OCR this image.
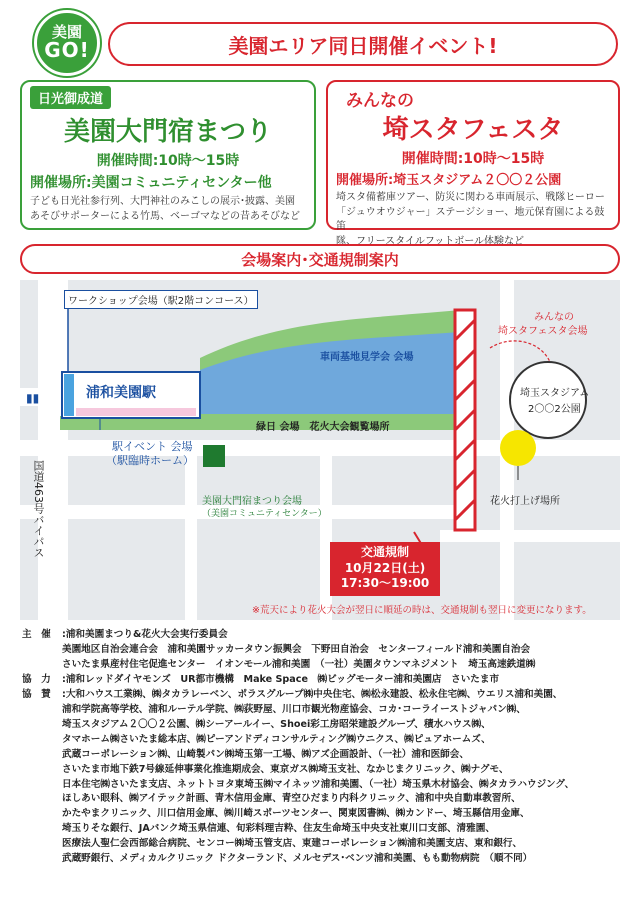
美園
GO!	美園エリア同日開催イベント!
日光御成道
美園大門宿まつり
開催時間:10時〜15時
開催場所:美園コミュニティセンター他
子ども日光社参行列、大門神社のみこしの展示･披露、美園
あそびサポーターによる竹馬、ベーゴマなどの昔あそびなど
みんなの
埼スタフェスタ
開催時間:10時〜15時
開催場所:埼玉スタジアム２〇〇２公園
埼スタ備蓄庫ツアー、防災に関わる車両展示、戦隊ヒーロー
「ジュウオウジャー」ステージショー、地元保育園による鼓笛
隊、フリースタイルフットボール体験など
会場案内･交通規制案内
▮▮
ワークショップ会場（駅2階コンコース）
浦和美園駅
駅イベント 会場
（駅臨時ホーム）
車両基地見学会 会場
緑日 会場　花火大会観覧場所
美園大門宿まつり会場
（美園コミュニティセンター）
国道463号バイパス
みんなの
埼スタフェスタ会場
埼玉スタジアム
2〇〇2公園
花火打上げ場所
交通規制
10月22日(土)
17:30〜19:00
※荒天により花火大会が翌日に順延の時は、交通規制も翌日に変更になります。
主　催	:浦和美園まつり&花火大会実行委員会
美園地区自治会連合会　浦和美園サッカータウン振興会　下野田自治会　センターフィールド浦和美園自治会
さいたま県産村住宅促進センター　イオンモール浦和美園　（一社）美園タウンマネジメント　埼玉高速鉄道㈱
協　力	:浦和レッドダイヤモンズ　UR都市機構　Make Space　㈱ビッグモーター浦和美園店　さいたま市
協　賛	:大和ハウス工業㈱、㈱タカラレーベン、ポラスグループ㈱中央住宅、㈱松永建設、松永住宅㈱、ウエリス浦和美園、
浦和学院高等学校、浦和ルーテル学院、㈱荻野屋、川口市観光物産協会、コカ･コーライーストジャパン㈱、
埼玉スタジアム２〇〇２公園、㈱シーアールイー、Shoei彩工房昭栄建設グループ、積水ハウス㈱、
タマホーム㈱さいたま総本店、㈱ピーアンドディコンサルティング㈱ウニクス、㈱ピュアホームズ、
武蔵コーポレーション㈱、山崎製パン㈱埼玉第一工場、㈱アズ企画設計、（一社）浦和医師会、
さいたま市地下鉄7号線延伸事業化推進期成会、東京ガス㈱埼玉支社、なかじまクリニック、㈱ナグモ、
日本住宅㈱さいたま支店、ネットトヨタ東埼玉㈱マイネッツ浦和美園、（一社）埼玉県木材協会、㈱タカラハウジング、
ほしあい眼科、㈱アイテック計画、青木信用金庫、青空ひだまり内科クリニック、浦和中央自動車教習所、
かたやまクリニック、川口信用金庫、㈱川崎スポーツセンター、関東図書㈱、㈱カンドー、埼玉縣信用金庫、
埼玉りそな銀行、JAバンク埼玉県信連、旬彩料理吉粋、住友生命埼玉中央支社東川口支部、清雅園、
医療法人聖仁会西部総合病院、センコー㈱埼玉管支店、東建コーポレーション㈱浦和美園支店、東和銀行、
武蔵野銀行、メディカルクリニック ドクターランド、メルセデス･ベンツ浦和美園、もも動物病院　（順不同）
